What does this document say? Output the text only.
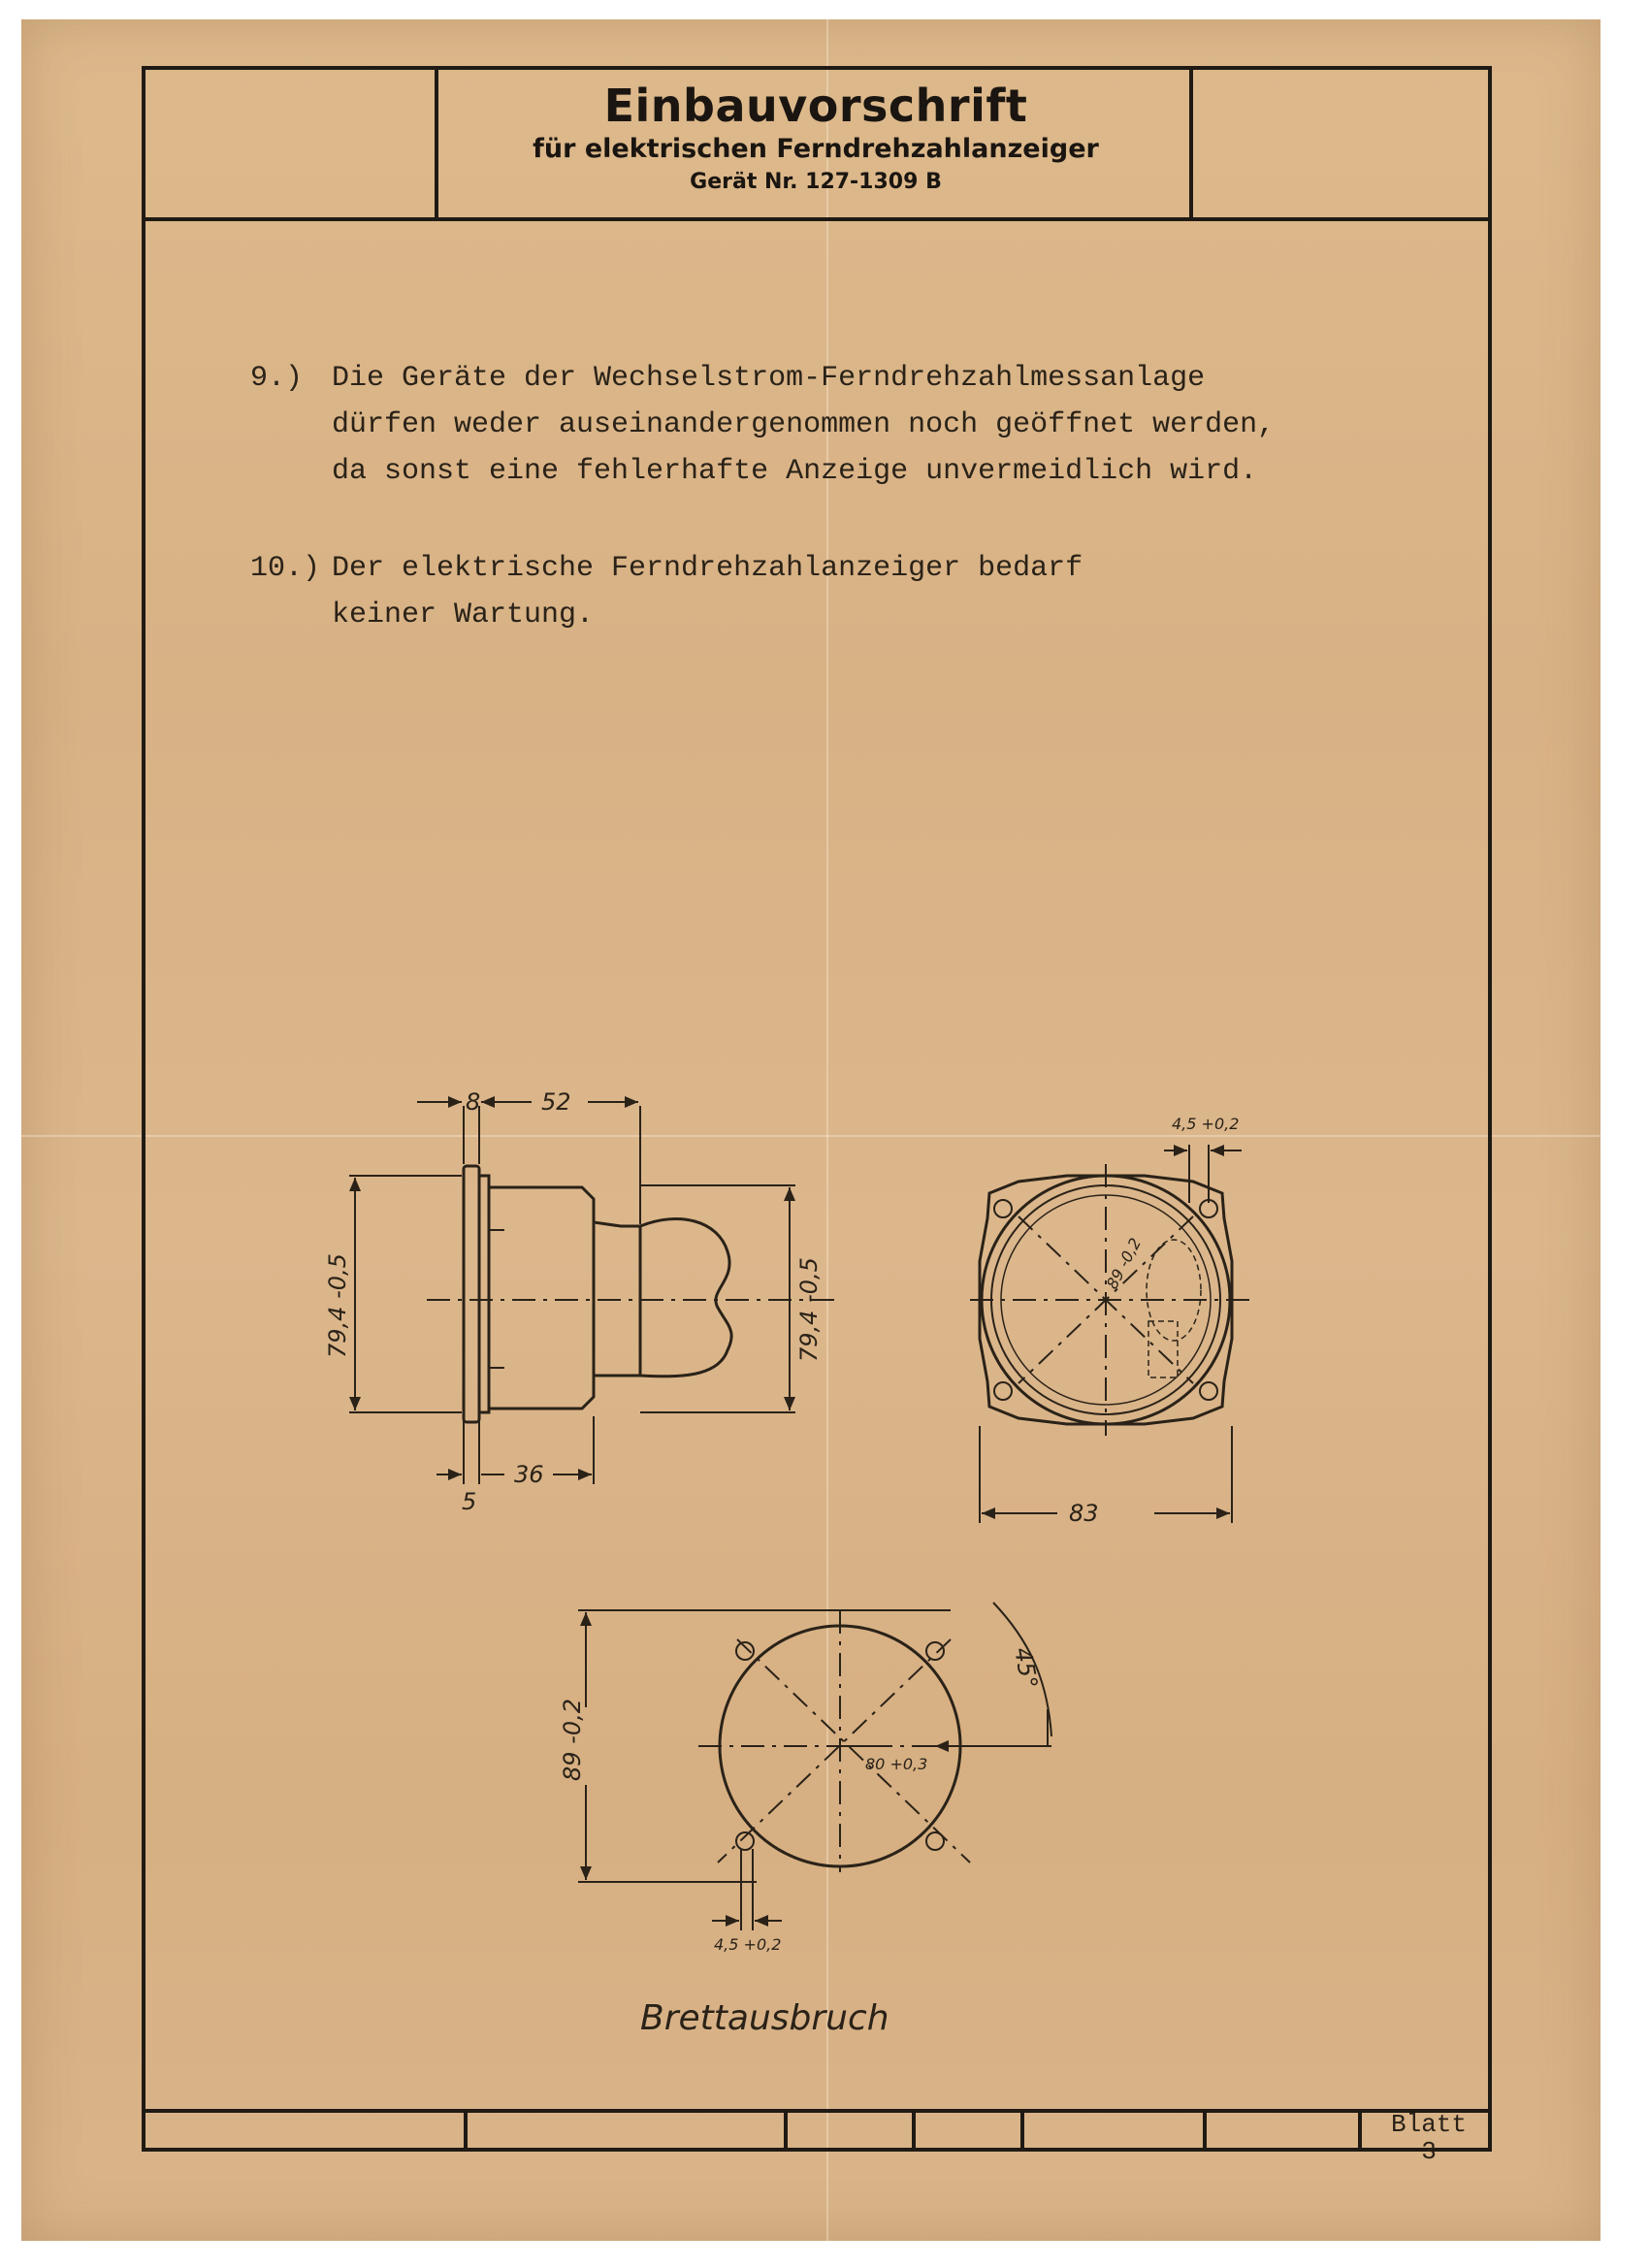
Einbauvorschrift
für elektrischen Ferndrehzahlanzeiger
Gerät Nr. 127-1309 B
9.) Die Geräte der Wechselstrom-Ferndrehzahlmessanlage
dürfen weder auseinandergenommen noch geöffnet werden,
da sonst eine fehlerhafte Anzeige unvermeidlich wird.
10.) Der elektrische Ferndrehzahlanzeiger bedarf
keiner Wartung.
8	52
79,4 -0,5	79,4 -0,5
5
36
4,5 +0,2
89 -0,2
83
89 -0,2	80 +0,3
45°
4,5 +0,2
Brettausbruch
Blatt
3
